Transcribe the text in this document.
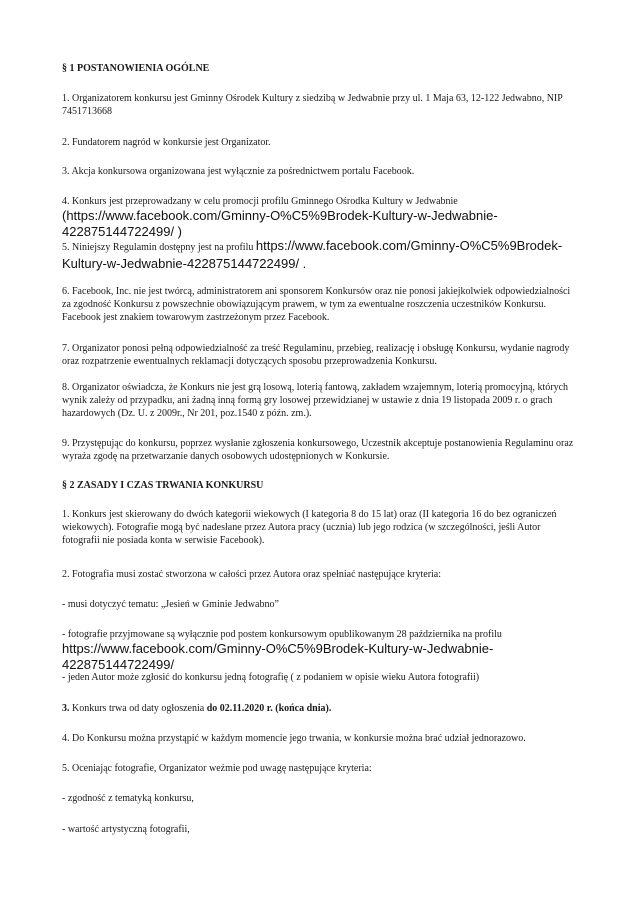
§ 1 POSTANOWIENIA OGÓLNE

1. Organizatorem konkursu jest Gminny Ośrodek Kultury z siedzibą w Jedwabnie przy ul. 1 Maja 63, 12-122 Jedwabno, NIP 7451713668

2. Fundatorem nagród w konkursie jest Organizator.

3. Akcja konkursowa organizowana jest wyłącznie za pośrednictwem portalu Facebook.

4. Konkurs jest przeprowadzany w celu promocji profilu Gminnego Ośrodka Kultury w Jedwabnie
(https://www.facebook.com/Gminny-O%C5%9Brodek-Kultury-w-Jedwabnie-422875144722499/ )

5. Niniejszy Regulamin dostępny jest na profilu https://www.facebook.com/Gminny-O%C5%9Brodek-Kultury-w-Jedwabnie-422875144722499/ .

6. Facebook, Inc. nie jest twórcą, administratorem ani sponsorem Konkursów oraz nie ponosi jakiejkolwiek odpowiedzialności za zgodność Konkursu z powszechnie obowiązującym prawem, w tym za ewentualne roszczenia uczestników Konkursu. Facebook jest znakiem towarowym zastrzeżonym przez Facebook.

7. Organizator ponosi pełną odpowiedzialność za treść Regulaminu, przebieg, realizację i obsługę Konkursu, wydanie nagrody oraz rozpatrzenie ewentualnych reklamacji dotyczących sposobu przeprowadzenia Konkursu.

8. Organizator oświadcza, że Konkurs nie jest grą losową, loterią fantową, zakładem wzajemnym, loterią promocyjną, których wynik zależy od przypadku, ani żadną inną formą gry losowej przewidzianej w ustawie z dnia 19 listopada 2009 r. o grach hazardowych (Dz. U. z 2009r., Nr 201, poz.1540 z późn. zm.).

9. Przystępując do konkursu, poprzez wysłanie zgłoszenia konkursowego, Uczestnik akceptuje postanowienia Regulaminu oraz wyraża zgodę na przetwarzanie danych osobowych udostępnionych w Konkursie.

§ 2 ZASADY I CZAS TRWANIA KONKURSU

1. Konkurs jest skierowany do dwóch kategorii wiekowych (I kategoria 8 do 15 lat) oraz (II kategoria 16 do bez ograniczeń wiekowych). Fotografie mogą być nadesłane przez Autora pracy (ucznia) lub jego rodzica (w szczególności, jeśli Autor fotografii nie posiada konta w serwisie Facebook).

2. Fotografia musi zostać stworzona w całości przez Autora oraz spełniać następujące kryteria:

- musi dotyczyć tematu: „Jesień w Gminie Jedwabno”

- fotografie przyjmowane są wyłącznie pod postem konkursowym opublikowanym 28 października na profilu
https://www.facebook.com/Gminny-O%C5%9Brodek-Kultury-w-Jedwabnie-422875144722499/

- jeden Autor może zgłosić do konkursu jedną fotografię ( z podaniem w opisie wieku Autora fotografii)

3. Konkurs trwa od daty ogłoszenia do 02.11.2020 r. (końca dnia).

4. Do Konkursu można przystąpić w każdym momencie jego trwania, w konkursie można brać udział jednorazowo.

5. Oceniając fotografie, Organizator weźmie pod uwagę następujące kryteria:

- zgodność z tematyką konkursu,

- wartość artystyczną fotografii,
